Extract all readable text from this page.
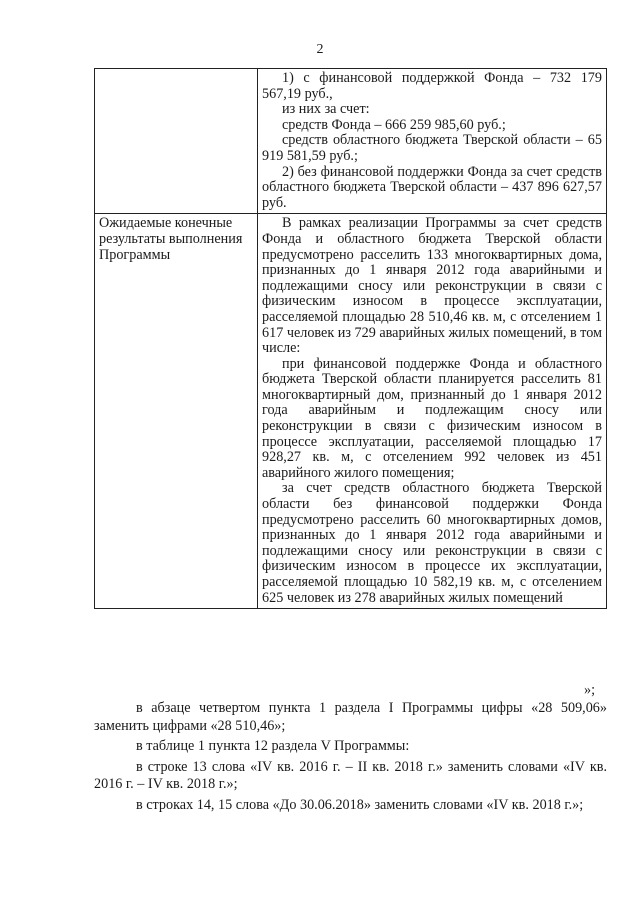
2

	1) с финансовой поддержкой Фонда – 732 179 567,19 руб.,

из них за счет:

средств Фонда – 666 259 985,60 руб.;

средств областного бюджета Тверской области – 65 919 581,59 руб.;

2) без финансовой поддержки Фонда за счет средств областного бюджета Тверской области – 437 896 627,57 руб.

Ожидаемые конечные результаты выполнения Программы	В рамках реализации Программы за счет средств Фонда и областного бюджета Тверской области предусмотрено расселить 133 многоквартирных дома, признанных до 1 января 2012 года аварийными и подлежащими сносу или реконструкции в связи с физическим износом в процессе эксплуатации, расселяемой площадью 28 510,46 кв. м, с отселением 1 617 человек из 729 аварийных жилых помещений, в том числе:

при финансовой поддержке Фонда и областного бюджета Тверской области планируется расселить 81 многоквартирный дом, признанный до 1 января 2012 года аварийным и подлежащим сносу или реконструкции в связи с физическим износом в процессе эксплуатации, расселяемой площадью 17 928,27 кв. м, с отселением 992 человек из 451 аварийного жилого помещения;

за счет средств областного бюджета Тверской области без финансовой поддержки Фонда предусмотрено расселить 60 многоквартирных домов, признанных до 1 января 2012 года аварийными и подлежащими сносу или реконструкции в связи с физическим износом в процессе их эксплуатации, расселяемой площадью 10 582,19 кв. м, с отселением 625 человек из 278 аварийных жилых помещений

»;

в абзаце четвертом пункта 1 раздела I Программы цифры «28 509,06» заменить цифрами «28 510,46»;

в таблице 1 пункта 12 раздела V Программы:

в строке 13 слова «IV кв. 2016 г. – II кв. 2018 г.» заменить словами «IV кв. 2016 г. – IV кв. 2018 г.»;

в строках 14, 15 слова «До 30.06.2018» заменить словами «IV кв. 2018 г.»;
